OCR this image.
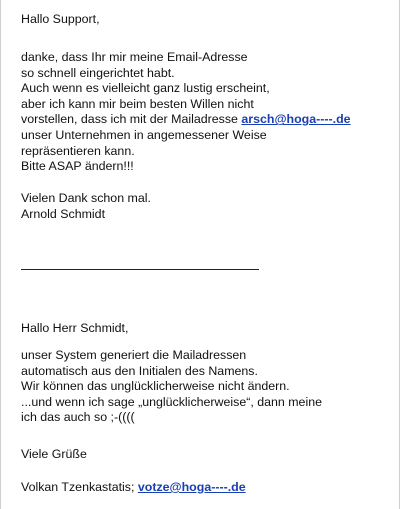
Hallo Support,
danke, dass Ihr mir meine Email-Adresse
so schnell eingerichtet habt.
Auch wenn es vielleicht ganz lustig erscheint,
aber ich kann mir beim besten Willen nicht
vorstellen, dass ich mit der Mailadresse arsch@hoga----.de
unser Unternehmen in angemessener Weise
repräsentieren kann.
Bitte ASAP ändern!!!
Vielen Dank schon mal.
Arnold Schmidt
Hallo Herr Schmidt,
unser System generiert die Mailadressen
automatisch aus den Initialen des Namens.
Wir können das unglücklicherweise nicht ändern.
...und wenn ich sage „unglücklicherweise“, dann meine
ich das auch so ;-((((
Viele Grüße
Volkan Tzenkastatis; votze@hoga----.de
